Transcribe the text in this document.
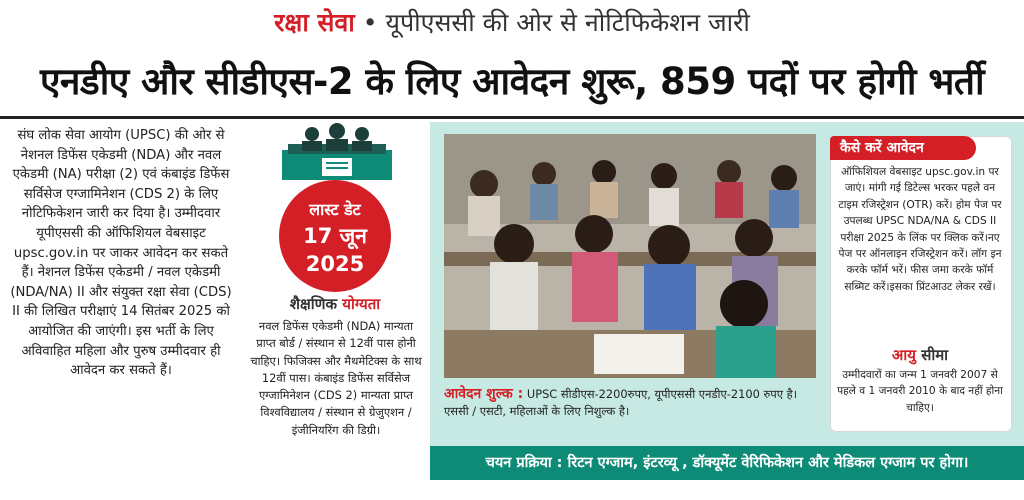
रक्षा सेवा • यूपीएससी की ओर से नोटिफिकेशन जारी
एनडीए और सीडीएस-2 के लिए आवेदन शुरू, 859 पदों पर होगी भर्ती
संघ लोक सेवा आयोग (UPSC) की ओर से नेशनल डिफेंस एकेडमी (NDA) और नवल एकेडमी (NA) परीक्षा (2) एवं कंबाइंड डिफेंस सर्विसेज एग्जामिनेशन (CDS 2) के लिए नोटिफिकेशन जारी कर दिया है। उम्मीदवार यूपीएससी की ऑफिशियल वेबसाइट upsc.gov.in पर जाकर आवेदन कर सकते हैं। नेशनल डिफेंस एकेडमी / नवल एकेडमी (NDA/NA) II और संयुक्त रक्षा सेवा (CDS) II की लिखित परीक्षाएं 14 सितंबर 2025 को आयोजित की जाएंगी। इस भर्ती के लिए अविवाहित महिला और पुरुष उम्मीदवार ही आवेदन कर सकते हैं।
लास्ट डेट
17 जून
2025
शैक्षणिक योग्यता
नवल डिफेंस एकेडमी (NDA) मान्यता प्राप्त बोर्ड / संस्थान से 12वीं पास होनी चाहिए। फिजिक्स और मैथमेटिक्स के साथ 12वीं पास। कंबाइंड डिफेंस सर्विसेज एग्जामिनेशन (CDS 2) मान्यता प्राप्त विश्वविद्यालय / संस्थान से ग्रेजुएशन /इंजीनियरिंग की डिग्री।
आवेदन शुल्क : UPSC सीडीएस-2200रुपए, यूपीएससी एनडीए-2100 रुपए है। एससी / एसटी, महिलाओं के लिए निशुल्क है।
कैसे करें आवेदन
ऑफिशियल वेबसाइट upsc.gov.in पर जाएं। मांगी गई डिटेल्स भरकर पहले वन टाइम रजिस्ट्रेशन (OTR) करें। होम पेज पर उपलब्ध UPSC NDA/NA & CDS II परीक्षा 2025 के लिंक पर क्लिक करें।नए पेज पर ऑनलाइन रजिस्ट्रेशन करें। लॉग इन करके फॉर्म भरें। फीस जमा करके फॉर्म सब्मिट करें।इसका प्रिंटआउट लेकर रखें।
आयु सीमा
उम्मीदवारों का जन्म 1 जनवरी 2007 से पहले व 1 जनवरी 2010 के बाद नहीं होना चाहिए।
चयन प्रक्रिया : रिटन एग्जाम, इंटरव्यू , डॉक्यूमेंट वेरिफिकेशन और मेडिकल एग्जाम पर होगा।
